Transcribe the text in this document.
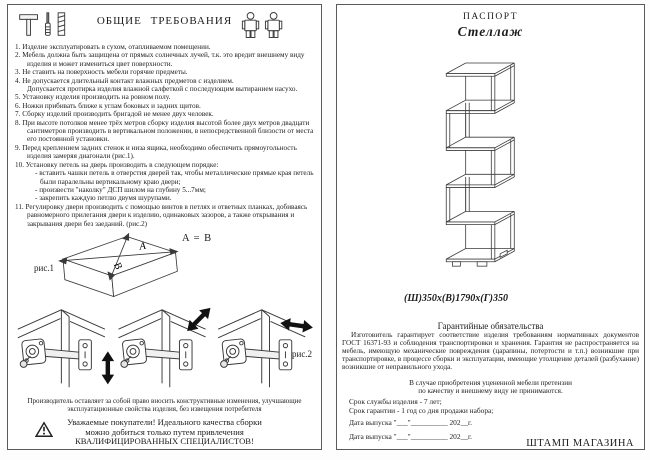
ОБЩИЕ ТРЕБОВАНИЯ
1. Изделие эксплуатировать в сухом, отапливаемом помещении.
2. Мебель должна быть защищена от прямых солнечных лучей, т.к. это вредит внешнему виду изделия и может измениться цвет поверхности.
3. Не ставить на поверхность мебели горячие предметы.
4. Не допускается длительный контакт влажных предметов с изделием.
Допускается протирка изделия влажной салфеткой с последующим вытиранием насухо.
5. Установку изделия производить на ровном полу.
6. Ножки прибивать ближе к углам боковых и задних щитов.
7. Сборку изделий производить бригадой не менее двух человек.
8. При высоте потолков менее трёх метров сборку изделия высотой более двух метров двадцати сантиметров производить в вертикальном положении, в непосредственной близости от места его постоянной установки.
9. Перед креплением задних стенок и низа ящика, необходимо обеспечить прямоугольность изделия замеряя диагонали (рис.1).
10. Установку петель на дверь производить в следующем порядке:
- вставить чашки петель в отверстия дверей так, чтобы металлические прямые края петель были паралельны вертикальному краю двери;
- произвести "наколку" ДСП шилом на глубину 5...7мм;
- закрепить каждую петлю двумя шурупами.
11. Регулировку двери производить с помощью винтов в петлях и ответных планках, добиваясь равномерного прилегания двери к изделию, одинаковых зазоров, а также открывания и закрывания двери без заеданий. (рис.2)
рис.1
A
B
A = B
рис.2
Производитель оставляет за собой право вносить конструктивные изменения, улучшающие эксплуатационные свойства изделия, без извещения потребителя
Уважаемые покупатели! Идеального качества сборки
можно добиться только путем привлечения
КВАЛИФИЦИРОВАННЫХ СПЕЦИАЛИСТОВ!
ПАСПОРТ
Стеллаж
(Ш)350х(В)1790х(Г)350
Гарантийные обязательства
Изготовитель гарантирует соответствие изделия требованиям нормативных документов ГОСТ 16371-93 и соблюдения транспортировки и хранения. Гарантия не распространяется на мебель, имеющую механические повреждения (царапины, потертости и т.п.) возникшие при транспортировке, в процессе сборки и эксплуатации, имеющие утолщение деталей (разбухание) возникшие от неправильного ухода.
В случае приобретения уцененной мебели претензии
по качеству и внешнему виду не принимаются.
Срок службы изделия - 7 лет;
Срок гарантии - 1 год со дня продажи набора;
Дата выпуска "___"__________ 202__г.
Дата выпуска "___"__________ 202__г.
ШТАМП МАГАЗИНА
